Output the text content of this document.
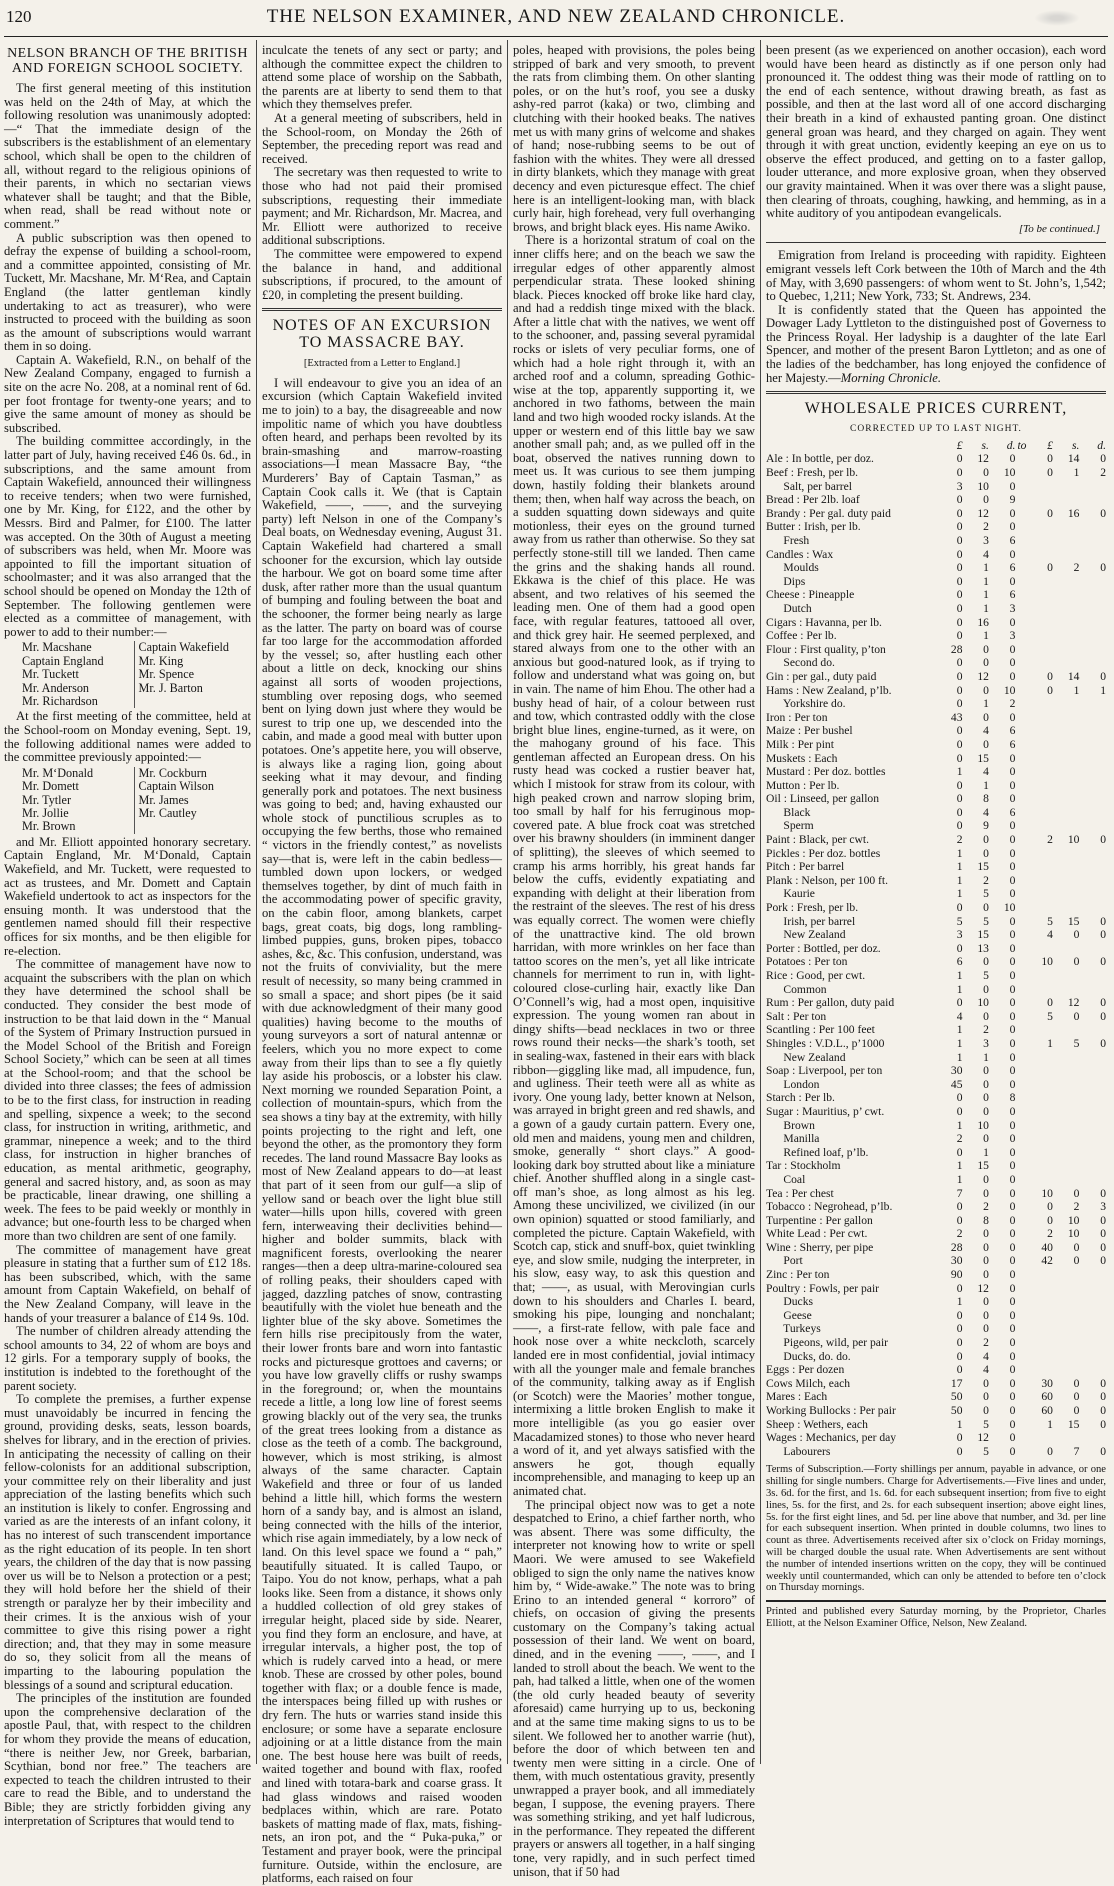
120	THE NELSON EXAMINER, AND NEW ZEALAND CHRONICLE.
NELSON BRANCH OF THE BRITISH AND FOREIGN SCHOOL SOCIETY.

The first general meeting of this institution was held on the 24th of May, at which the following resolution was unanimously adopted:—“ That the immediate design of the subscribers is the establishment of an elementary school, which shall be open to the children of all, without regard to the religious opinions of their parents, in which no sectarian views whatever shall be taught; and that the Bible, when read, shall be read without note or comment.”

A public subscription was then opened to defray the expense of building a school-room, and a committee appointed, consisting of Mr. Tuckett, Mr. Macshane, Mr. M‘Rea, and Captain England (the latter gentleman kindly undertaking to act as treasurer), who were instructed to proceed with the building as soon as the amount of subscriptions would warrant them in so doing.

Captain A. Wakefield, R.N., on behalf of the New Zealand Company, engaged to furnish a site on the acre No. 208, at a nominal rent of 6d. per foot frontage for twenty-one years; and to give the same amount of money as should be subscribed.

The building committee accordingly, in the latter part of July, having received £46 0s. 6d., in subscriptions, and the same amount from Captain Wakefield, announced their willingness to receive tenders; when two were furnished, one by Mr. King, for £122, and the other by Messrs. Bird and Palmer, for £100. The latter was accepted. On the 30th of August a meeting of subscribers was held, when Mr. Moore was appointed to fill the important situation of schoolmaster; and it was also arranged that the school should be opened on Monday the 12th of September. The following gentlemen were elected as a committee of management, with power to add to their number:—

Mr. Macshane	Captain Wakefield
Captain England	Mr. King
Mr. Tuckett	Mr. Spence
Mr. Anderson	Mr. J. Barton
Mr. Richardson

At the first meeting of the committee, held at the School-room on Monday evening, Sept. 19, the following additional names were added to the committee previously appointed:—

Mr. M‘Donald	Mr. Cockburn
Mr. Domett	Captain Wilson
Mr. Tytler	Mr. James
Mr. Jollie	Mr. Cautley
Mr. Brown

and Mr. Elliott appointed honorary secretary. Captain England, Mr. M‘Donald, Captain Wakefield, and Mr. Tuckett, were requested to act as trustees, and Mr. Domett and Captain Wakefield undertook to act as inspectors for the ensuing month. It was understood that the gentlemen named should fill their respective offices for six months, and be then eligible for re-election.

The committee of management have now to acquaint the subscribers with the plan on which they have determined the school shall be conducted. They consider the best mode of instruction to be that laid down in the “ Manual of the System of Primary Instruction pursued in the Model School of the British and Foreign School Society,” which can be seen at all times at the School-room; and that the school be divided into three classes; the fees of admission to be to the first class, for instruction in reading and spelling, sixpence a week; to the second class, for instruction in writing, arithmetic, and grammar, ninepence a week; and to the third class, for instruction in higher branches of education, as mental arithmetic, geography, general and sacred history, and, as soon as may be practicable, linear drawing, one shilling a week. The fees to be paid weekly or monthly in advance; but one-fourth less to be charged when more than two children are sent of one family.

The committee of management have great pleasure in stating that a further sum of £12 18s. has been subscribed, which, with the same amount from Captain Wakefield, on behalf of the New Zealand Company, will leave in the hands of your treasurer a balance of £14 9s. 10d.

The number of children already attending the school amounts to 34, 22 of whom are boys and 12 girls. For a temporary supply of books, the institution is indebted to the forethought of the parent society.

To complete the premises, a further expense must unavoidably be incurred in fencing the ground, providing desks, seats, lesson boards, shelves for library, and in the erection of privies. In anticipating the necessity of calling on their fellow-colonists for an additional subscription, your committee rely on their liberality and just appreciation of the lasting benefits which such an institution is likely to confer. Engrossing and varied as are the interests of an infant colony, it has no interest of such transcendent importance as the right education of its people. In ten short years, the children of the day that is now passing over us will be to Nelson a protection or a pest; they will hold before her the shield of their strength or paralyze her by their imbecility and their crimes. It is the anxious wish of your committee to give this rising power a right direction; and, that they may in some measure do so, they solicit from all the means of imparting to the labouring population the blessings of a sound and scriptural education.

The principles of the institution are founded upon the comprehensive declaration of the apostle Paul, that, with respect to the children for whom they provide the means of education, “there is neither Jew, nor Greek, barbarian, Scythian, bond nor free.” The teachers are expected to teach the children intrusted to their care to read the Bible, and to understand the Bible; they are strictly forbidden giving any interpretation of Scriptures that would tend to

inculcate the tenets of any sect or party; and although the committee expect the children to attend some place of worship on the Sabbath, the parents are at liberty to send them to that which they themselves prefer.

At a general meeting of subscribers, held in the School-room, on Monday the 26th of September, the preceding report was read and received.

The secretary was then requested to write to those who had not paid their promised subscriptions, requesting their immediate payment; and Mr. Richardson, Mr. Macrea, and Mr. Elliott were authorized to receive additional subscriptions.

The committee were empowered to expend the balance in hand, and additional subscriptions, if procured, to the amount of £20, in completing the present building.

NOTES OF AN EXCURSION TO MASSACRE BAY.
[Extracted from a Letter to England.]

I will endeavour to give you an idea of an excursion (which Captain Wakefield invited me to join) to a bay, the disagreeable and now impolitic name of which you have doubtless often heard, and perhaps been revolted by its brain-smashing and marrow-roasting associations—I mean Massacre Bay, “the Murderers’ Bay of Captain Tasman,” as Captain Cook calls it. We (that is Captain Wakefield, ——, ——, and the surveying party) left Nelson in one of the Company’s Deal boats, on Wednesday evening, August 31. Captain Wakefield had chartered a small schooner for the excursion, which lay outside the harbour. We got on board some time after dusk, after rather more than the usual quantum of bumping and fouling between the boat and the schooner, the former being nearly as large as the latter. The party on board was of course far too large for the accommodation afforded by the vessel; so, after hustling each other about a little on deck, knocking our shins against all sorts of wooden projections, stumbling over reposing dogs, who seemed bent on lying down just where they would be surest to trip one up, we descended into the cabin, and made a good meal with butter upon potatoes. One’s appetite here, you will observe, is always like a raging lion, going about seeking what it may devour, and finding generally pork and potatoes. The next business was going to bed; and, having exhausted our whole stock of punctilious scruples as to occupying the few berths, those who remained “ victors in the friendly contest,” as novelists say—that is, were left in the cabin bedless—tumbled down upon lockers, or wedged themselves together, by dint of much faith in the accommodating power of specific gravity, on the cabin floor, among blankets, carpet bags, great coats, big dogs, long rambling-limbed puppies, guns, broken pipes, tobacco ashes, &c, &c. This confusion, understand, was not the fruits of conviviality, but the mere result of necessity, so many being crammed in so small a space; and short pipes (be it said with due acknowledgment of their many good qualities) having become to the mouths of young surveyors a sort of natural antennæ or feelers, which you no more expect to come away from their lips than to see a fly quietly lay aside his proboscis, or a lobster his claw. Next morning we rounded Separation Point, a collection of mountain-spurs, which from the sea shows a tiny bay at the extremity, with hilly points projecting to the right and left, one beyond the other, as the promontory they form recedes. The land round Massacre Bay looks as most of New Zealand appears to do—at least that part of it seen from our gulf—a slip of yellow sand or beach over the light blue still water—hills upon hills, covered with green fern, interweaving their declivities behind—higher and bolder summits, black with magnificent forests, overlooking the nearer ranges—then a deep ultra-marine-coloured sea of rolling peaks, their shoulders caped with jagged, dazzling patches of snow, contrasting beautifully with the violet hue beneath and the lighter blue of the sky above. Sometimes the fern hills rise precipitously from the water, their lower fronts bare and worn into fantastic rocks and picturesque grottoes and caverns; or you have low gravelly cliffs or rushy swamps in the foreground; or, when the mountains recede a little, a long low line of forest seems growing blackly out of the very sea, the trunks of the great trees looking from a distance as close as the teeth of a comb. The background, however, which is most striking, is almost always of the same character. Captain Wakefield and three or four of us landed behind a little hill, which forms the western horn of a sandy bay, and is almost an island, being connected with the hills of the interior, which rise again immediately, by a low neck of land. On this level space we found a “ pah,” beautifully situated. It is called Taupo, or Taipo. You do not know, perhaps, what a pah looks like. Seen from a distance, it shows only a huddled collection of old grey stakes of irregular height, placed side by side. Nearer, you find they form an enclosure, and have, at irregular intervals, a higher post, the top of which is rudely carved into a head, or mere knob. These are crossed by other poles, bound together with flax; or a double fence is made, the interspaces being filled up with rushes or dry fern. The huts or warries stand inside this enclosure; or some have a separate enclosure adjoining or at a little distance from the main one. The best house here was built of reeds, waited together and bound with flax, roofed and lined with totara-bark and coarse grass. It had glass windows and raised wooden bedplaces within, which are rare. Potato baskets of matting made of flax, mats, fishing-nets, an iron pot, and the “ Puka-puka,” or Testament and prayer book, were the principal furniture. Outside, within the enclosure, are platforms, each raised on four

poles, heaped with provisions, the poles being stripped of bark and very smooth, to prevent the rats from climbing them. On other slanting poles, or on the hut’s roof, you see a dusky ashy-red parrot (kaka) or two, climbing and clutching with their hooked beaks. The natives met us with many grins of welcome and shakes of hand; nose-rubbing seems to be out of fashion with the whites. They were all dressed in dirty blankets, which they manage with great decency and even picturesque effect. The chief here is an intelligent-looking man, with black curly hair, high forehead, very full overhanging brows, and bright black eyes. His name Awiko.

There is a horizontal stratum of coal on the inner cliffs here; and on the beach we saw the irregular edges of other apparently almost perpendicular strata. These looked shining black. Pieces knocked off broke like hard clay, and had a reddish tinge mixed with the black. After a little chat with the natives, we went off to the schooner, and, passing several pyramidal rocks or islets of very peculiar forms, one of which had a hole right through it, with an arched roof and a column, spreading Gothic-wise at the top, apparently supporting it, we anchored in two fathoms, between the main land and two high wooded rocky islands. At the upper or western end of this little bay we saw another small pah; and, as we pulled off in the boat, observed the natives running down to meet us. It was curious to see them jumping down, hastily folding their blankets around them; then, when half way across the beach, on a sudden squatting down sideways and quite motionless, their eyes on the ground turned away from us rather than otherwise. So they sat perfectly stone-still till we landed. Then came the grins and the shaking hands all round. Ekkawa is the chief of this place. He was absent, and two relatives of his seemed the leading men. One of them had a good open face, with regular features, tattooed all over, and thick grey hair. He seemed perplexed, and stared always from one to the other with an anxious but good-natured look, as if trying to follow and understand what was going on, but in vain. The name of him Ehou. The other had a bushy head of hair, of a colour between rust and tow, which contrasted oddly with the close bright blue lines, engine-turned, as it were, on the mahogany ground of his face. This gentleman affected an European dress. On his rusty head was cocked a rustier beaver hat, which I mistook for straw from its colour, with high peaked crown and narrow sloping brim, too small by half for his ferruginous mop-covered pate. A blue frock coat was stretched over his brawny shoulders (in imminent danger of splitting), the sleeves of which seemed to cramp his arms horribly, his great hands far below the cuffs, evidently expatiating and expanding with delight at their liberation from the restraint of the sleeves. The rest of his dress was equally correct. The women were chiefly of the unattractive kind. The old brown harridan, with more wrinkles on her face than tattoo scores on the men’s, yet all like intricate channels for merriment to run in, with light-coloured close-curling hair, exactly like Dan O’Connell’s wig, had a most open, inquisitive expression. The young women ran about in dingy shifts—bead necklaces in two or three rows round their necks—the shark’s tooth, set in sealing-wax, fastened in their ears with black ribbon—giggling like mad, all impudence, fun, and ugliness. Their teeth were all as white as ivory. One young lady, better known at Nelson, was arrayed in bright green and red shawls, and a gown of a gaudy curtain pattern. Every one, old men and maidens, young men and children, smoke, generally “ short clays.” A good-looking dark boy strutted about like a miniature chief. Another shuffled along in a single cast-off man’s shoe, as long almost as his leg. Among these uncivilized, we civilized (in our own opinion) squatted or stood familiarly, and completed the picture. Captain Wakefield, with Scotch cap, stick and snuff-box, quiet twinkling eye, and slow smile, nudging the interpreter, in his slow, easy way, to ask this question and that; ——, as usual, with Merovingian curls down to his shoulders and Charles I. beard, smoking his pipe, lounging and nonchalant; ——, a first-rate fellow, with pale face and hook nose over a white neckcloth, scarcely landed ere in most confidential, jovial intimacy with all the younger male and female branches of the community, talking away as if English (or Scotch) were the Maories’ mother tongue, intermixing a little broken English to make it more intelligible (as you go easier over Macadamized stones) to those who never heard a word of it, and yet always satisfied with the answers he got, though equally incomprehensible, and managing to keep up an animated chat.

The principal object now was to get a note despatched to Erino, a chief farther north, who was absent. There was some difficulty, the interpreter not knowing how to write or spell Maori. We were amused to see Wakefield obliged to sign the only name the natives know him by, “ Wide-awake.” The note was to bring Erino to an intended general “ korroro” of chiefs, on occasion of giving the presents customary on the Company’s taking actual possession of their land. We went on board, dined, and in the evening ——, ——, and I landed to stroll about the beach. We went to the pah, had talked a little, when one of the women (the old curly headed beauty of severity aforesaid) came hurrying up to us, beckoning and at the same time making signs to us to be silent. We followed her to another warrie (hut), before the door of which between ten and twenty men were sitting in a circle. One of them, with much ostentatious gravity, presently unwrapped a prayer book, and all immediately began, I suppose, the evening prayers. There was something striking, and yet half ludicrous, in the performance. They repeated the different prayers or answers all together, in a half singing tone, very rapidly, and in such perfect timed unison, that if 50 had

been present (as we experienced on another occasion), each word would have been heard as distinctly as if one person only had pronounced it. The oddest thing was their mode of rattling on to the end of each sentence, without drawing breath, as fast as possible, and then at the last word all of one accord discharging their breath in a kind of exhausted panting groan. One distinct general groan was heard, and they charged on again. They went through it with great unction, evidently keeping an eye on us to observe the effect produced, and getting on to a faster gallop, louder utterance, and more explosive groan, when they observed our gravity maintained. When it was over there was a slight pause, then clearing of throats, coughing, hawking, and hemming, as in a white auditory of you antipodean evangelicals.

[To be continued.]

Emigration from Ireland is proceeding with rapidity. Eighteen emigrant vessels left Cork between the 10th of March and the 4th of May, with 3,690 passengers: of whom went to St. John’s, 1,542; to Quebec, 1,211; New York, 733; St. Andrews, 234.

It is confidently stated that the Queen has appointed the Dowager Lady Lyttleton to the distinguished post of Governess to the Princess Royal. Her ladyship is a daughter of the late Earl Spencer, and mother of the present Baron Lyttleton; and as one of the ladies of the bedchamber, has long enjoyed the confidence of her Majesty.—Morning Chronicle.

WHOLESALE PRICES CURRENT,
CORRECTED UP TO LAST NIGHT.
	£	s.	d.	to	£	s.	d.
Ale : In bottle, per doz.	0	12	0		0	14	0
Beef : Fresh, per lb.	0	0	10		0	1	2
Salt, per barrel	3	10	0				
Bread : Per 2lb. loaf	0	0	9				
Brandy : Per gal. duty paid	0	12	0		0	16	0
Butter : Irish, per lb.	0	2	0				
Fresh	0	3	6				
Candles : Wax	0	4	0				
Moulds	0	1	6		0	2	0
Dips	0	1	0				
Cheese : Pineapple	0	1	6				
Dutch	0	1	3				
Cigars : Havanna, per lb.	0	16	0				
Coffee : Per lb.	0	1	3				
Flour : First quality, p’ton	28	0	0				
Second do.	0	0	0				
Gin : per gal., duty paid	0	12	0		0	14	0
Hams : New Zealand, p’lb.	0	0	10		0	1	1
Yorkshire do.	0	1	2				
Iron : Per ton	43	0	0				
Maize : Per bushel	0	4	6				
Milk : Per pint	0	0	6				
Muskets : Each	0	15	0				
Mustard : Per doz. bottles	1	4	0				
Mutton : Per lb.	0	1	0				
Oil : Linseed, per gallon	0	8	0				
Black	0	4	6				
Sperm	0	9	0				
Paint : Black, per cwt.	2	0	0		2	10	0
Pickles : Per doz. bottles	1	0	0				
Pitch : Per barrel	1	15	0				
Plank : Nelson, per 100 ft.	1	2	0				
Kaurie	1	5	0				
Pork : Fresh, per lb.	0	0	10				
Irish, per barrel	5	5	0		5	15	0
New Zealand	3	15	0		4	0	0
Porter : Bottled, per doz.	0	13	0				
Potatoes : Per ton	6	0	0		10	0	0
Rice : Good, per cwt.	1	5	0				
Common	1	0	0				
Rum : Per gallon, duty paid	0	10	0		0	12	0
Salt : Per ton	4	0	0		5	0	0
Scantling : Per 100 feet	1	2	0				
Shingles : V.D.L., p’1000	1	3	0		1	5	0
New Zealand	1	1	0				
Soap : Liverpool, per ton	30	0	0				
London	45	0	0				
Starch : Per lb.	0	0	8				
Sugar : Mauritius, p’ cwt.	0	0	0				
Brown	1	10	0				
Manilla	2	0	0				
Refined loaf, p’lb.	0	1	0				
Tar : Stockholm	1	15	0				
Coal	1	0	0				
Tea : Per chest	7	0	0		10	0	0
Tobacco : Negrohead, p’lb.	0	2	0		0	2	3
Turpentine : Per gallon	0	8	0		0	10	0
White Lead : Per cwt.	2	0	0		2	10	0
Wine : Sherry, per pipe	28	0	0		40	0	0
Port	30	0	0		42	0	0
Zinc : Per ton	90	0	0				

Poultry : Fowls, per pair	0	12	0				
Ducks	1	0	0				
Geese	0	0	0				
Turkeys	0	0	0				
Pigeons, wild, per pair	0	2	0				
Ducks, do. do.	0	4	0				
Eggs : Per dozen	0	4	0				

Cows Milch, each	17	0	0		30	0	0
Mares : Each	50	0	0		60	0	0
Working Bullocks : Per pair	50	0	0		60	0	0
Sheep : Wethers, each	1	5	0		1	15	0

Wages : Mechanics, per day	0	12	0				
Labourers	0	5	0		0	7	0
Terms of Subscription.—Forty shillings per annum, payable in advance, or one shilling for single numbers. Charge for Advertisements.—Five lines and under, 3s. 6d. for the first, and 1s. 6d. for each subsequent insertion; from five to eight lines, 5s. for the first, and 2s. for each subsequent insertion; above eight lines, 5s. for the first eight lines, and 5d. per line above that number, and 3d. per line for each subsequent insertion. When printed in double columns, two lines to count as three. Advertisements received after six o’clock on Friday mornings, will be charged double the usual rate. When Advertisements are sent without the number of intended insertions written on the copy, they will be continued weekly until countermanded, which can only be attended to before ten o’clock on Thursday mornings.
Printed and published every Saturday morning, by the Proprietor, Charles Elliott, at the Nelson Examiner Office, Nelson, New Zealand.
